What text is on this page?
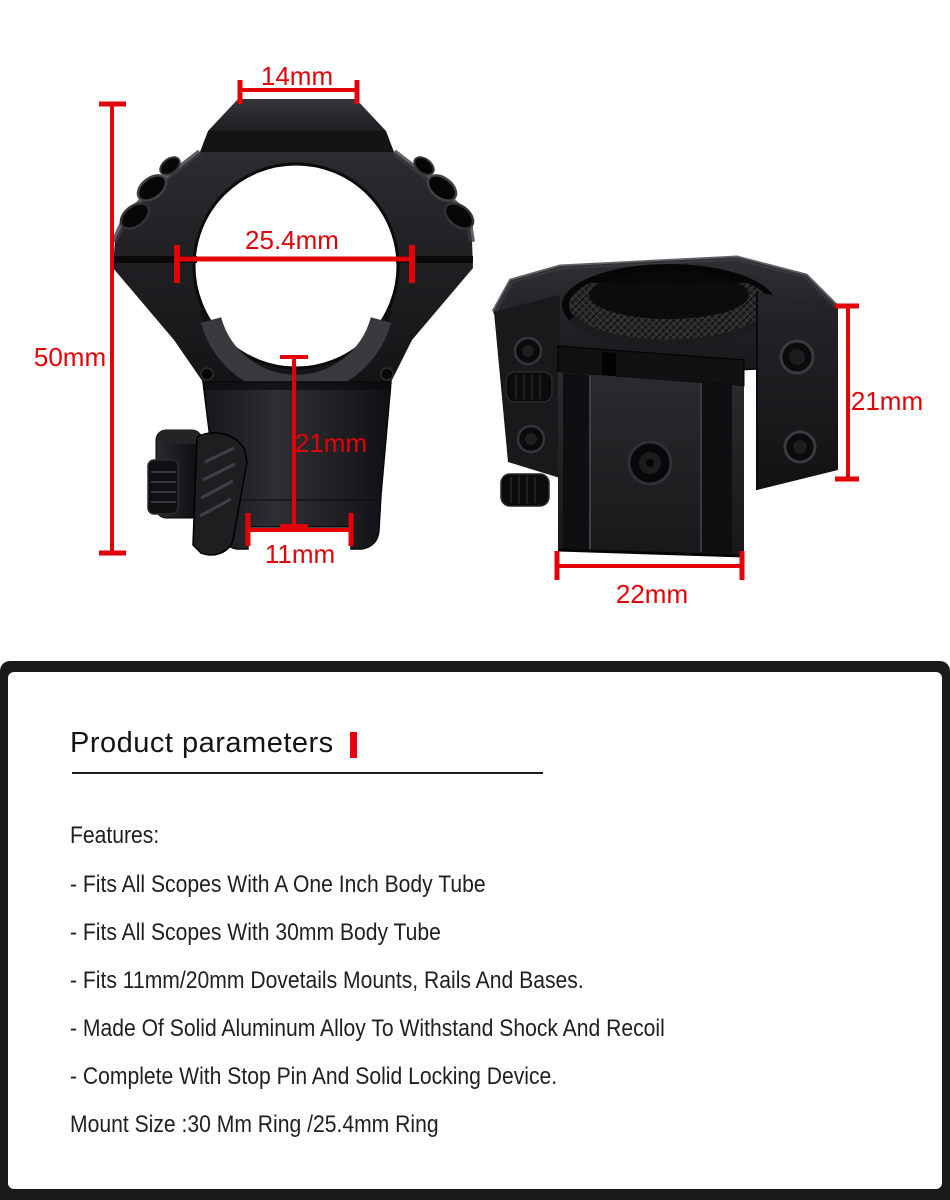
14mm
25.4mm
50mm
21mm
11mm
21mm
22mm
Product parameters
Features:
- Fits All Scopes With A One Inch Body Tube
- Fits All Scopes With 30mm Body Tube
- Fits 11mm/20mm Dovetails Mounts, Rails And Bases.
- Made Of Solid Aluminum Alloy To Withstand Shock And Recoil
- Complete With Stop Pin And Solid Locking Device.
Mount Size :30 Mm Ring /25.4mm Ring
